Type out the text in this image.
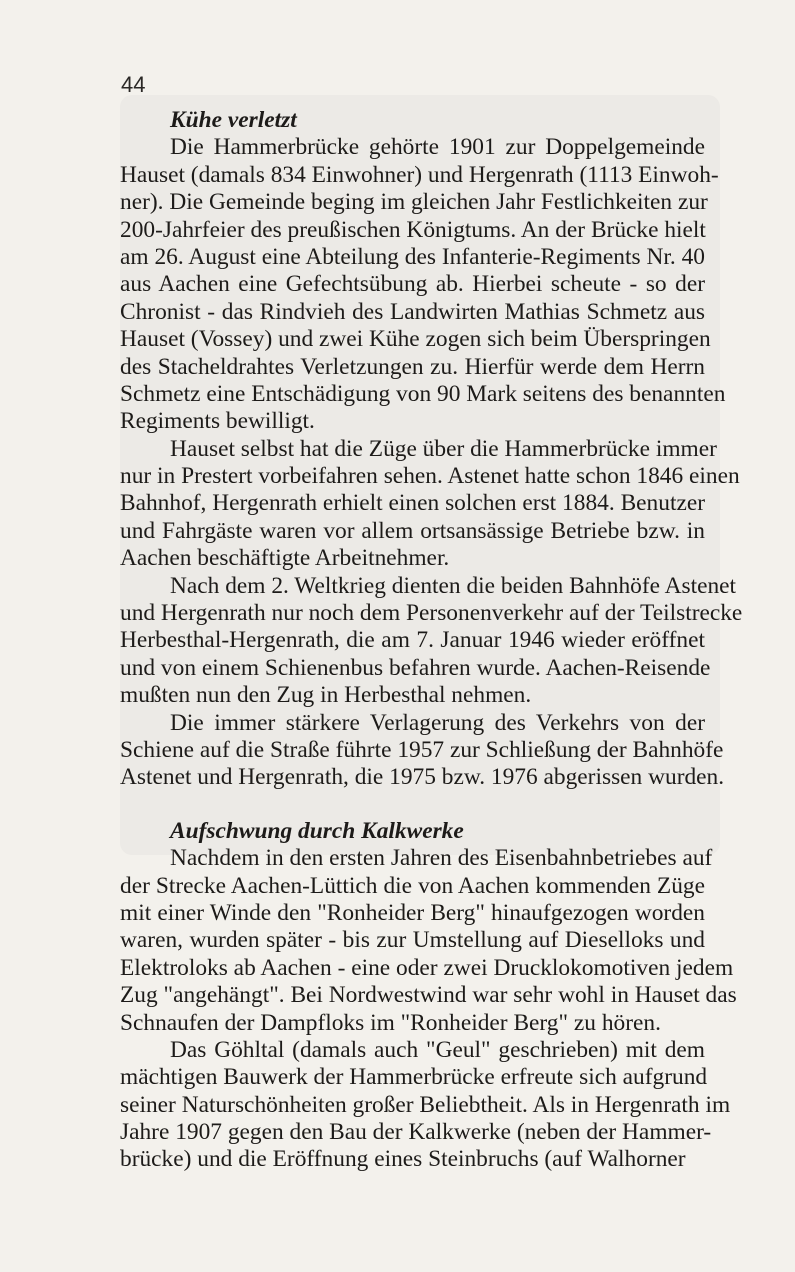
44
Kühe verletzt
Die Hammerbrücke gehörte 1901 zur Doppelgemeinde
Hauset (damals 834 Einwohner) und Hergenrath (1113 Einwoh-
ner). Die Gemeinde beging im gleichen Jahr Festlichkeiten zur
200-Jahrfeier des preußischen Königtums. An der Brücke hielt
am 26. August eine Abteilung des Infanterie-Regiments Nr. 40
aus Aachen eine Gefechtsübung ab. Hierbei scheute - so der
Chronist - das Rindvieh des Landwirten Mathias Schmetz aus
Hauset (Vossey) und zwei Kühe zogen sich beim Überspringen
des Stacheldrahtes Verletzungen zu. Hierfür werde dem Herrn
Schmetz eine Entschädigung von 90 Mark seitens des benannten
Regiments bewilligt.
Hauset selbst hat die Züge über die Hammerbrücke immer
nur in Prestert vorbeifahren sehen. Astenet hatte schon 1846 einen
Bahnhof, Hergenrath erhielt einen solchen erst 1884. Benutzer
und Fahrgäste waren vor allem ortsansässige Betriebe bzw. in
Aachen beschäftigte Arbeitnehmer.
Nach dem 2. Weltkrieg dienten die beiden Bahnhöfe Astenet
und Hergenrath nur noch dem Personenverkehr auf der Teilstrecke
Herbesthal-Hergenrath, die am 7. Januar 1946 wieder eröffnet
und von einem Schienenbus befahren wurde. Aachen-Reisende
mußten nun den Zug in Herbesthal nehmen.
Die immer stärkere Verlagerung des Verkehrs von der
Schiene auf die Straße führte 1957 zur Schließung der Bahnhöfe
Astenet und Hergenrath, die 1975 bzw. 1976 abgerissen wurden.
Aufschwung durch Kalkwerke
Nachdem in den ersten Jahren des Eisenbahnbetriebes auf
der Strecke Aachen-Lüttich die von Aachen kommenden Züge
mit einer Winde den "Ronheider Berg" hinaufgezogen worden
waren, wurden später - bis zur Umstellung auf Dieselloks und
Elektroloks ab Aachen - eine oder zwei Drucklokomotiven jedem
Zug "angehängt". Bei Nordwestwind war sehr wohl in Hauset das
Schnaufen der Dampfloks im "Ronheider Berg" zu hören.
Das Göhltal (damals auch "Geul" geschrieben) mit dem
mächtigen Bauwerk der Hammerbrücke erfreute sich aufgrund
seiner Naturschönheiten großer Beliebtheit. Als in Hergenrath im
Jahre 1907 gegen den Bau der Kalkwerke (neben der Hammer-
brücke) und die Eröffnung eines Steinbruchs (auf Walhorner
